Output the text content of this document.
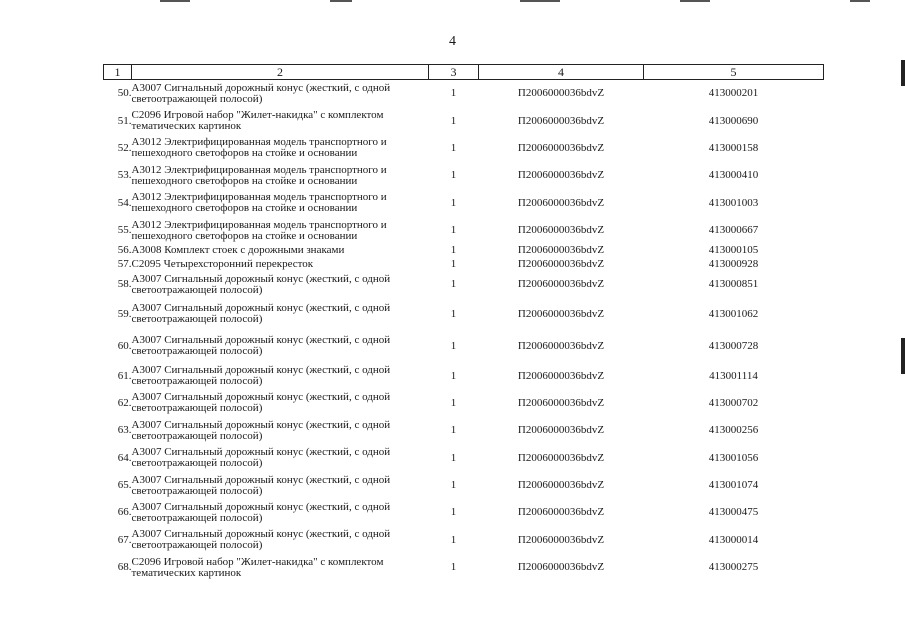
4
1	2	3	4	5
50.	А3007 Сигнальный дорожный конус (жесткий, с одной светоотражающей полосой)	1	П2006000036bdvZ	413000201
51.	С2096 Игровой набор "Жилет-накидка" с комплектом тематических картинок	1	П2006000036bdvZ	413000690
52.	А3012 Электрифицированная модель транспортного и пешеходного светофоров на стойке и основании	1	П2006000036bdvZ	413000158
53.	А3012 Электрифицированная модель транспортного и пешеходного светофоров на стойке и основании	1	П2006000036bdvZ	413000410
54.	А3012 Электрифицированная модель транспортного и пешеходного светофоров на стойке и основании	1	П2006000036bdvZ	413001003
55.	А3012 Электрифицированная модель транспортного и пешеходного светофоров на стойке и основании	1	П2006000036bdvZ	413000667
56.	А3008 Комплект стоек с дорожными знаками	1	П2006000036bdvZ	413000105
57.	С2095 Четырехсторонний перекресток	1	П2006000036bdvZ	413000928
58.	А3007 Сигнальный дорожный конус (жесткий, с одной светоотражающей полосой)	1	П2006000036bdvZ	413000851
59.	А3007 Сигнальный дорожный конус (жесткий, с одной светоотражающей полосой)	1	П2006000036bdvZ	413001062
60.	А3007 Сигнальный дорожный конус (жесткий, с одной светоотражающей полосой)	1	П2006000036bdvZ	413000728
61.	А3007 Сигнальный дорожный конус (жесткий, с одной светоотражающей полосой)	1	П2006000036bdvZ	413001114
62.	А3007 Сигнальный дорожный конус (жесткий, с одной светоотражающей полосой)	1	П2006000036bdvZ	413000702
63.	А3007 Сигнальный дорожный конус (жесткий, с одной светоотражающей полосой)	1	П2006000036bdvZ	413000256
64.	А3007 Сигнальный дорожный конус (жесткий, с одной светоотражающей полосой)	1	П2006000036bdvZ	413001056
65.	А3007 Сигнальный дорожный конус (жесткий, с одной светоотражающей полосой)	1	П2006000036bdvZ	413001074
66.	А3007 Сигнальный дорожный конус (жесткий, с одной светоотражающей полосой)	1	П2006000036bdvZ	413000475
67.	А3007 Сигнальный дорожный конус (жесткий, с одной светоотражающей полосой)	1	П2006000036bdvZ	413000014
68.	С2096 Игровой набор "Жилет-накидка" с комплектом тематических картинок	1	П2006000036bdvZ	413000275
